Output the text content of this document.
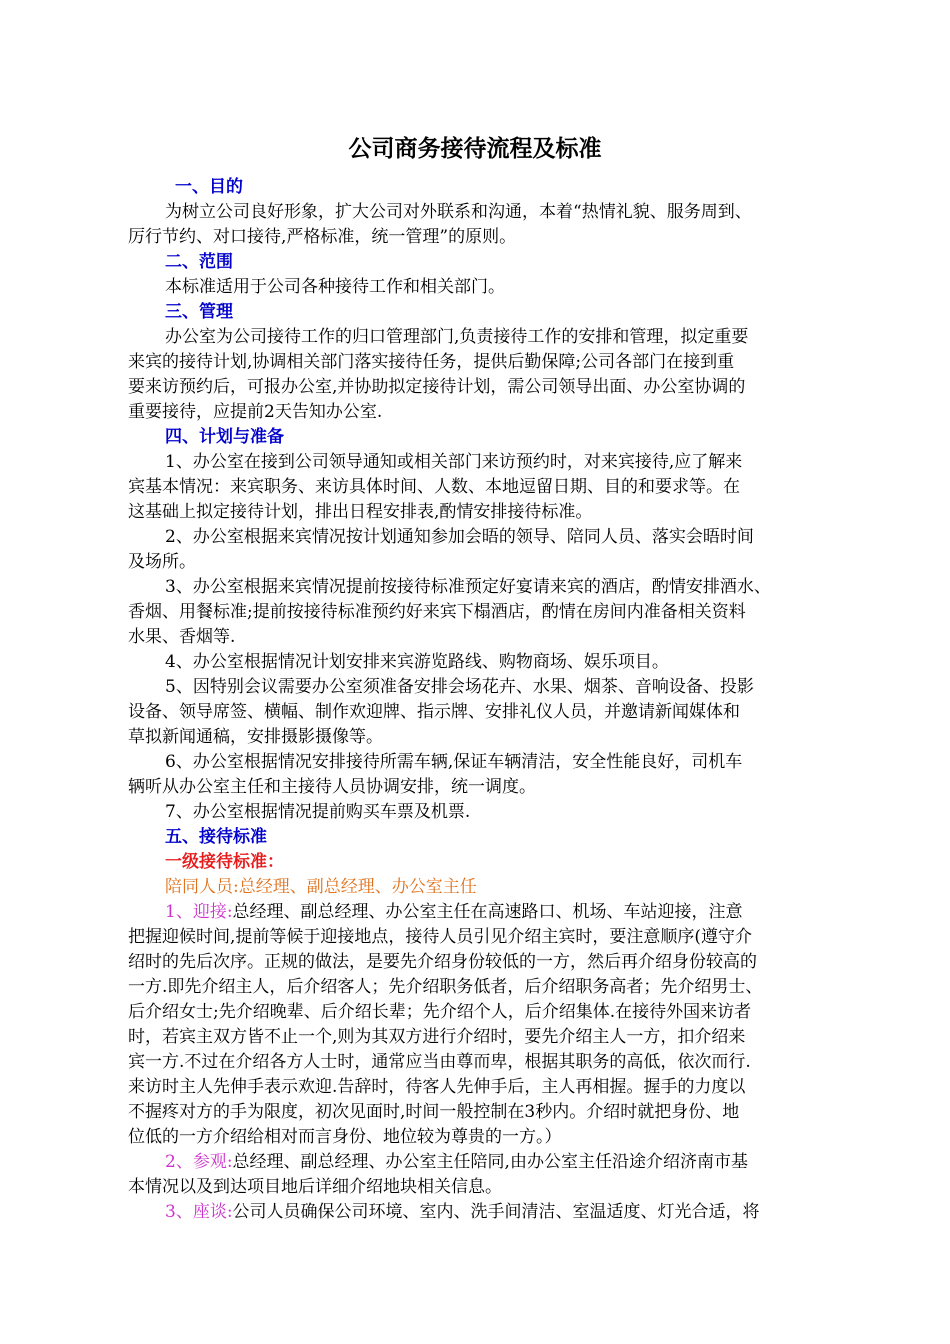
公司商务接待流程及标准
一、目的
为树立公司良好形象，扩大公司对外联系和沟通，本着“热情礼貌、服务周到、
厉行节约、对口接待,严格标准，统一管理”的原则。
二、范围
本标准适用于公司各种接待工作和相关部门。
三、管理
办公室为公司接待工作的归口管理部门,负责接待工作的安排和管理，拟定重要
来宾的接待计划,协调相关部门落实接待任务，提供后勤保障;公司各部门在接到重
要来访预约后，可报办公室,并协助拟定接待计划，需公司领导出面、办公室协调的
重要接待，应提前2天告知办公室.
四、计划与准备
1、办公室在接到公司领导通知或相关部门来访预约时，对来宾接待,应了解来
宾基本情况：来宾职务、来访具体时间、人数、本地逗留日期、目的和要求等。在
这基础上拟定接待计划，排出日程安排表,酌情安排接待标准。
2、办公室根据来宾情况按计划通知参加会晤的领导、陪同人员、落实会晤时间
及场所。
3、办公室根据来宾情况提前按接待标准预定好宴请来宾的酒店，酌情安排酒水、
香烟、用餐标准;提前按接待标准预约好来宾下榻酒店，酌情在房间内准备相关资料
水果、香烟等.
4、办公室根据情况计划安排来宾游览路线、购物商场、娱乐项目。
5、因特别会议需要办公室须准备安排会场花卉、水果、烟茶、音响设备、投影
设备、领导席签、横幅、制作欢迎牌、指示牌、安排礼仪人员，并邀请新闻媒体和
草拟新闻通稿，安排摄影摄像等。
6、办公室根据情况安排接待所需车辆,保证车辆清洁，安全性能良好，司机车
辆听从办公室主任和主接待人员协调安排，统一调度。
7、办公室根据情况提前购买车票及机票.
五、接待标准
一级接待标准：
陪同人员:总经理、副总经理、办公室主任
1、迎接:总经理、副总经理、办公室主任在高速路口、机场、车站迎接，注意
把握迎候时间,提前等候于迎接地点，接待人员引见介绍主宾时，要注意顺序(遵守介
绍时的先后次序。正规的做法，是要先介绍身份较低的一方，然后再介绍身份较高的
一方.即先介绍主人，后介绍客人；先介绍职务低者，后介绍职务高者；先介绍男士、
后介绍女士;先介绍晚辈、后介绍长辈；先介绍个人，后介绍集体.在接待外国来访者
时，若宾主双方皆不止一个,则为其双方进行介绍时，要先介绍主人一方，扣介绍来
宾一方.不过在介绍各方人士时，通常应当由尊而卑，根据其职务的高低，依次而行.
来访时主人先伸手表示欢迎.告辞时，待客人先伸手后，主人再相握。握手的力度以
不握疼对方的手为限度，初次见面时,时间一般控制在3秒内。介绍时就把身份、地
位低的一方介绍给相对而言身份、地位较为尊贵的一方。）
2、参观:总经理、副总经理、办公室主任陪同,由办公室主任沿途介绍济南市基
本情况以及到达项目地后详细介绍地块相关信息。
3、座谈:公司人员确保公司环境、室内、洗手间清洁、室温适度、灯光合适，将
